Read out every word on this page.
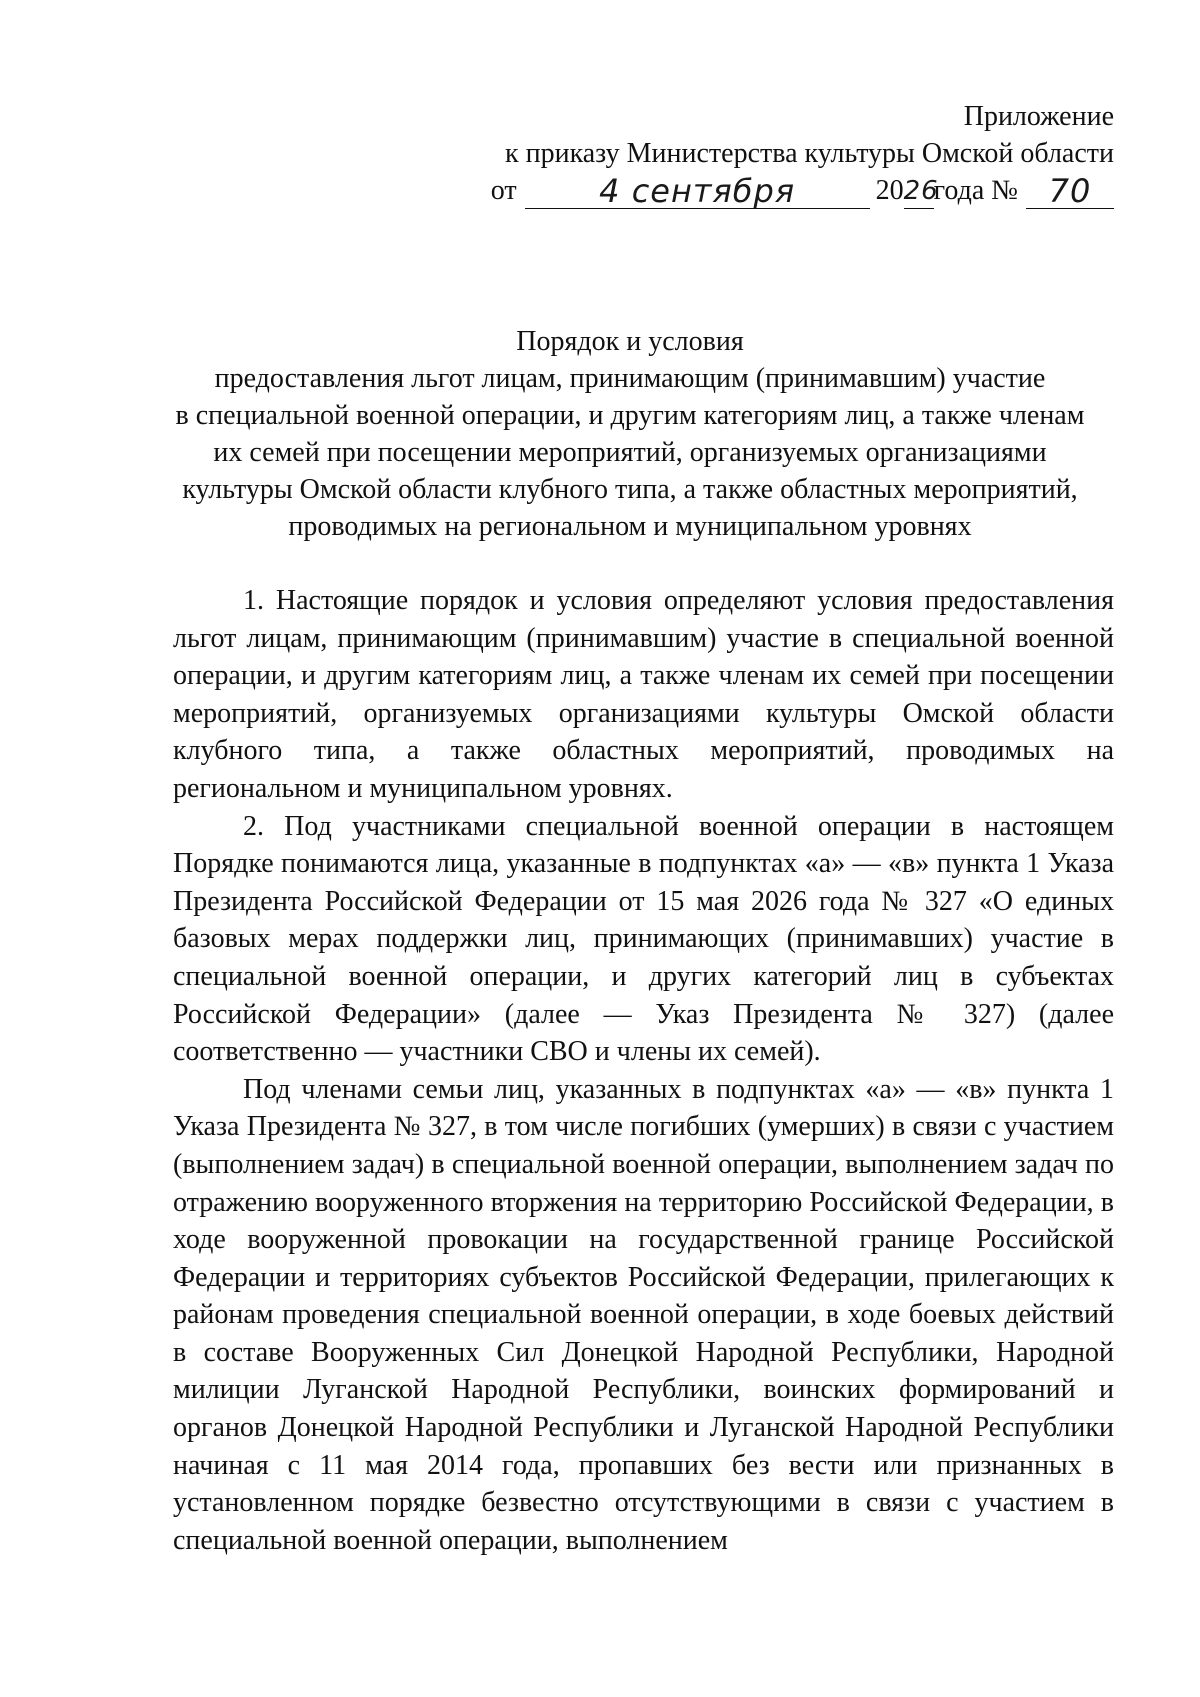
Приложение
к приказу Министерства культуры Омской области
от	4 сентября	20 26
года № 70
Порядок и условия
предоставления льгот лицам, принимающим (принимавшим) участие
в специальной военной операции, и другим категориям лиц, а также членам
их семей при посещении мероприятий, организуемых организациями
культуры Омской области клубного типа, а также областных мероприятий,
проводимых на региональном и муниципальном уровнях

1. Настоящие порядок и условия определяют условия предоставления льгот лицам, принимающим (принимавшим) участие в специальной военной операции, и другим категориям лиц, а также членам их семей при посещении мероприятий, организуемых организациями культуры Омской области клубного типа, а также областных мероприятий, проводимых на региональном и муниципальном уровнях.

2. Под участниками специальной военной операции в настоящем Порядке понимаются лица, указанные в подпунктах «а» — «в» пункта 1 Указа Президента Российской Федерации от 15 мая 2026 года № 327 «О единых базовых мерах поддержки лиц, принимающих (принимавших) участие в специальной военной операции, и других категорий лиц в субъектах Российской Федерации» (далее — Указ Президента № 327) (далее соответственно — участники СВО и члены их семей).

Под членами семьи лиц, указанных в подпунктах «а» — «в» пункта 1 Указа Президента № 327, в том числе погибших (умерших) в связи с участием (выполнением задач) в специальной военной операции, выполнением задач по отражению вооруженного вторжения на территорию Российской Федерации, в ходе вооруженной провокации на государственной границе Российской Федерации и территориях субъектов Российской Федерации, прилегающих к районам проведения специальной военной операции, в ходе боевых действий в составе Вооруженных Сил Донецкой Народной Республики, Народной милиции Луганской Народной Республики, воинских формирований и органов Донецкой Народной Республики и Луганской Народной Республики начиная с 11 мая 2014 года, пропавших без вести или признанных в установленном порядке безвестно отсутствующими в связи с участием в специальной военной операции, выполнением
